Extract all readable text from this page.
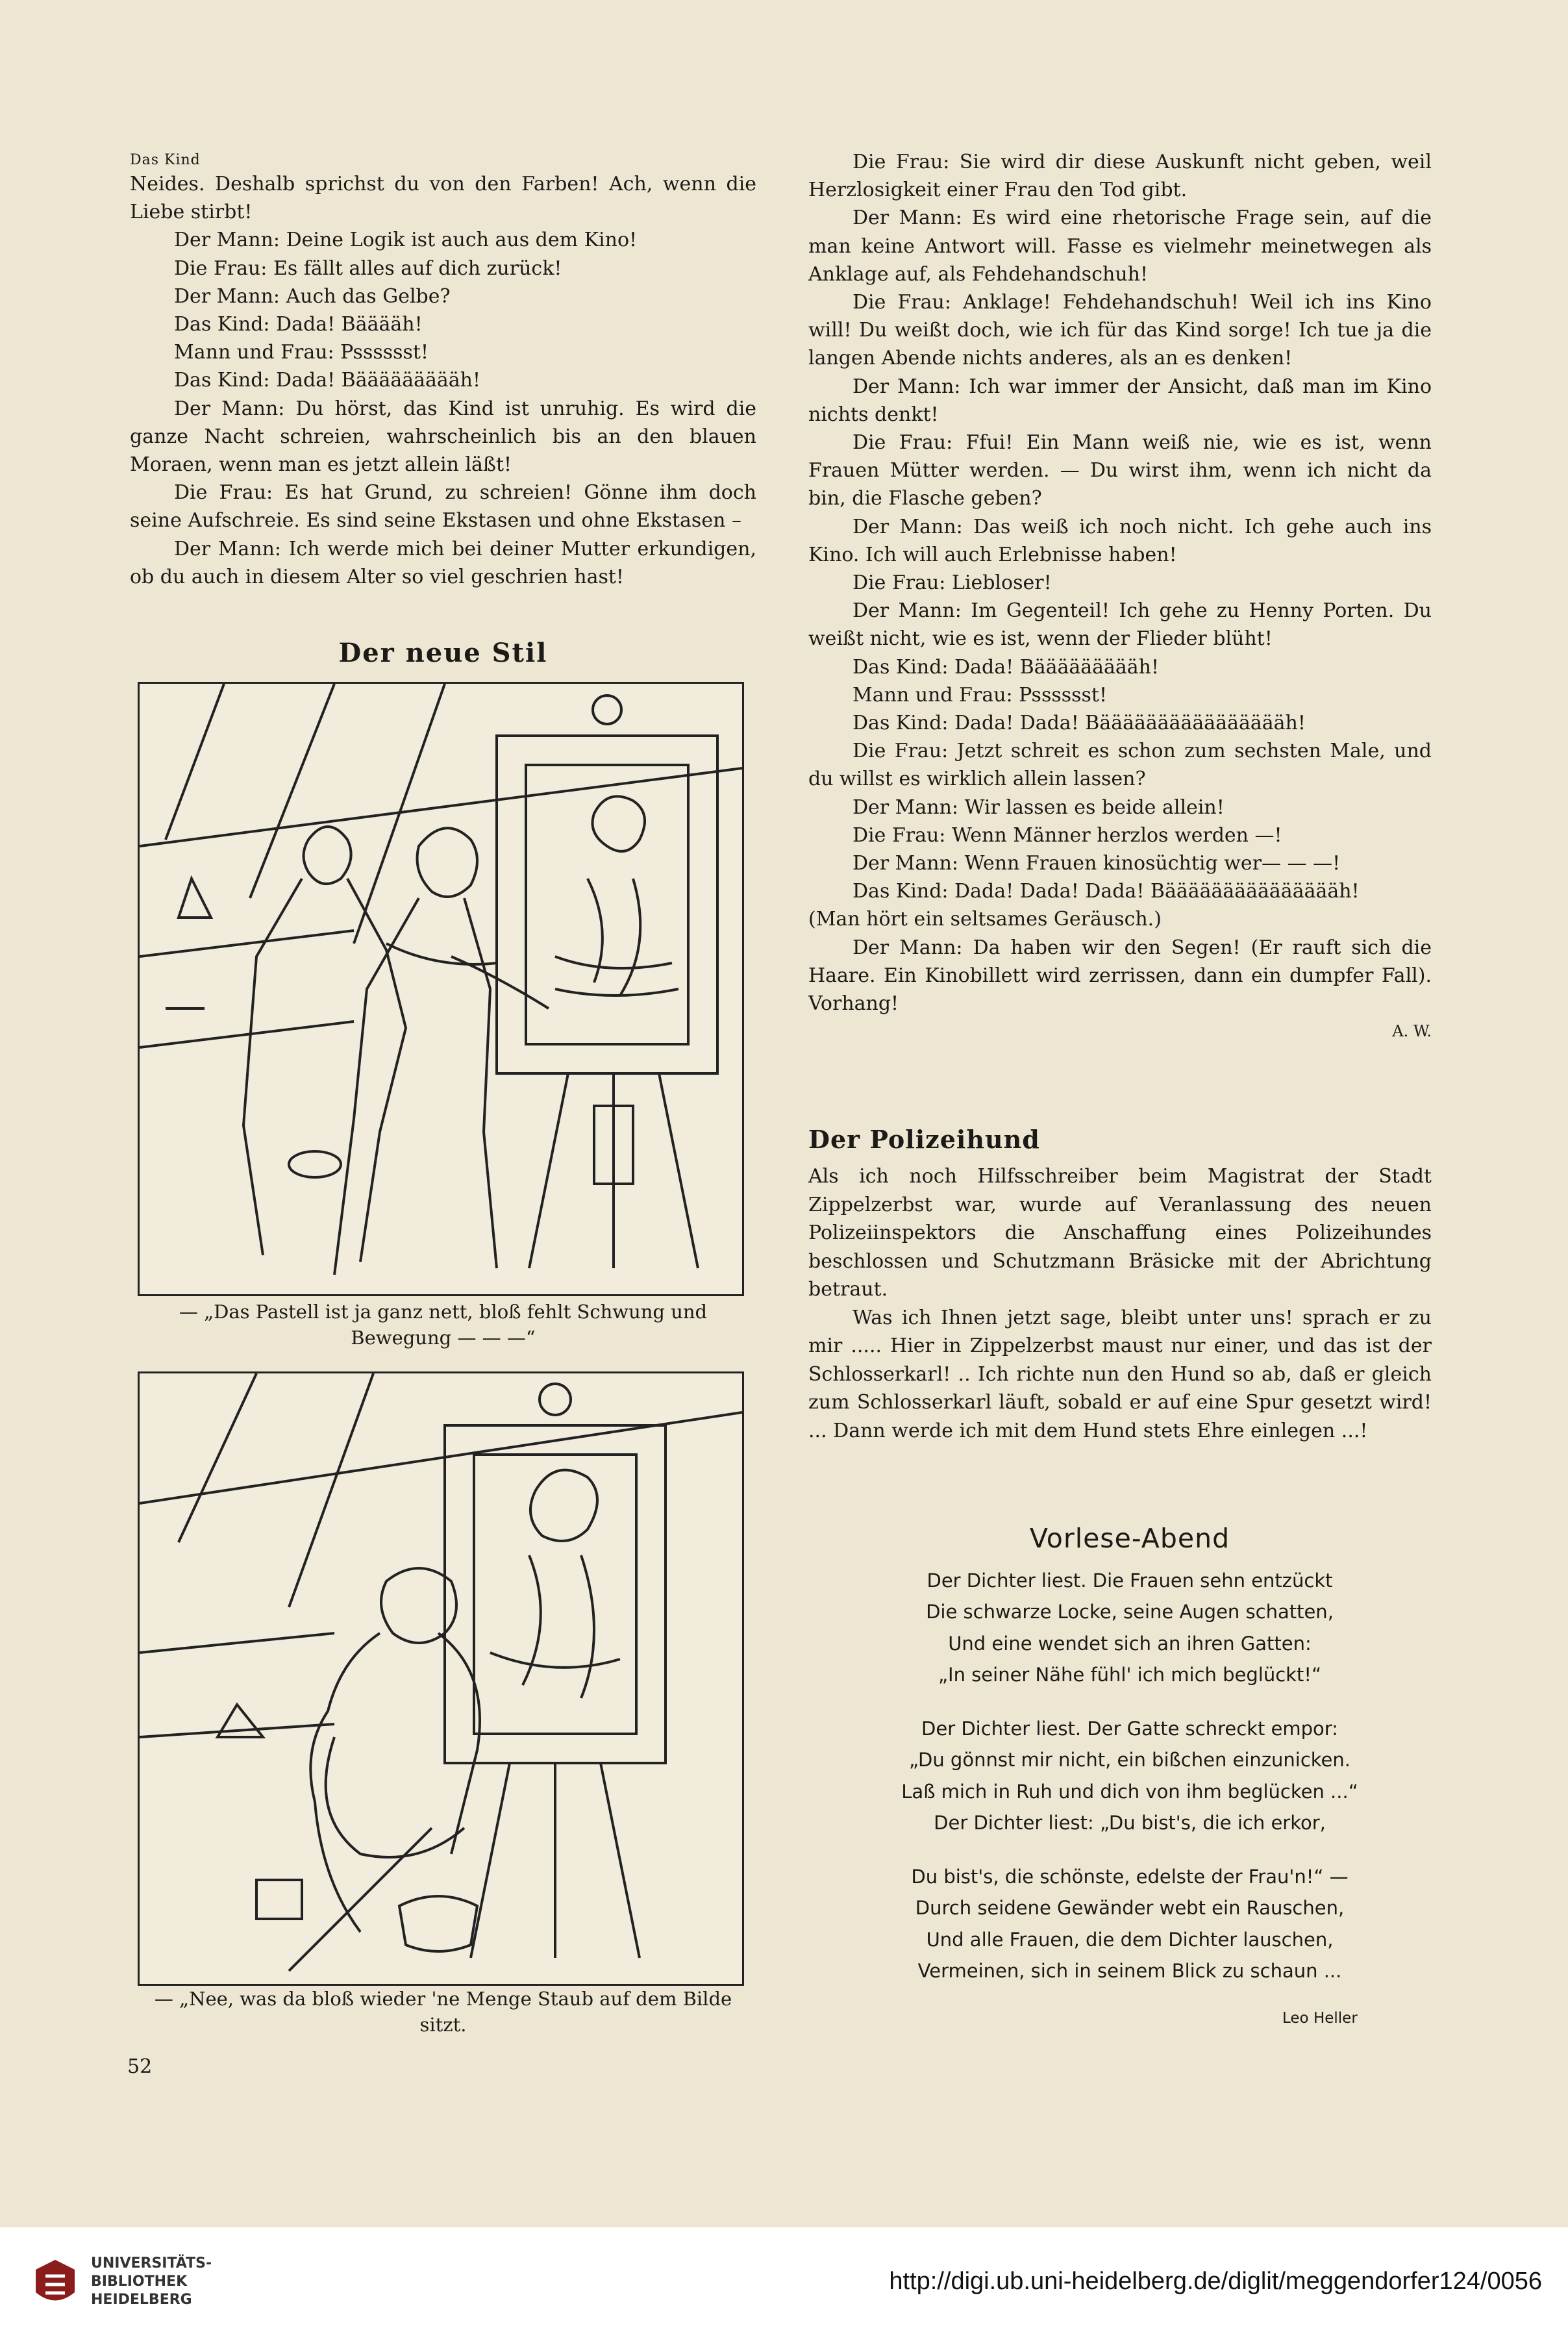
Das Kind

Neides. Deshalb sprichst du von den Farben! Ach, wenn die Liebe stirbt!

Der Mann: Deine Logik ist auch aus dem Kino!

Die Frau: Es fällt alles auf dich zurück!

Der Mann: Auch das Gelbe?

Das Kind: Dada! Bääääh!

Mann und Frau: Psssssst!

Das Kind: Dada! Bäääääääääh!

Der Mann: Du hörst, das Kind ist unruhig. Es wird die ganze Nacht schreien, wahrscheinlich bis an den blauen Moraen, wenn man es jetzt allein läßt!

Die Frau: Es hat Grund, zu schreien! Gönne ihm doch seine Aufschreie. Es sind seine Ekstasen und ohne Ekstasen –

Der Mann: Ich werde mich bei deiner Mutter erkundigen, ob du auch in diesem Alter so viel geschrien hast!

Der neue Stil
— „Das Pastell ist ja ganz nett, bloß fehlt Schwung und Bewegung — — —“
— „Nee, was da bloß wieder 'ne Menge Staub auf dem Bilde sitzt.
52

Die Frau: Sie wird dir diese Auskunft nicht geben, weil Herzlosigkeit einer Frau den Tod gibt.

Der Mann: Es wird eine rhetorische Frage sein, auf die man keine Antwort will. Fasse es vielmehr meinetwegen als Anklage auf, als Fehdehandschuh!

Die Frau: Anklage! Fehdehandschuh! Weil ich ins Kino will! Du weißt doch, wie ich für das Kind sorge! Ich tue ja die langen Abende nichts anderes, als an es denken!

Der Mann: Ich war immer der Ansicht, daß man im Kino nichts denkt!

Die Frau: Ffui! Ein Mann weiß nie, wie es ist, wenn Frauen Mütter werden. — Du wirst ihm, wenn ich nicht da bin, die Flasche geben?

Der Mann: Das weiß ich noch nicht. Ich gehe auch ins Kino. Ich will auch Erlebnisse haben!

Die Frau: Liebloser!

Der Mann: Im Gegenteil! Ich gehe zu Henny Porten. Du weißt nicht, wie es ist, wenn der Flieder blüht!

Das Kind: Dada! Bäääääääääh!

Mann und Frau: Psssssst!

Das Kind: Dada! Dada! Bääääääääääääääääh!

Die Frau: Jetzt schreit es schon zum sechsten Male, und du willst es wirklich allein lassen?

Der Mann: Wir lassen es beide allein!

Die Frau: Wenn Männer herzlos werden —!

Der Mann: Wenn Frauen kinosüchtig wer— — —!

Das Kind: Dada! Dada! Dada! Bäääääääääääääääh!

(Man hört ein seltsames Geräusch.)

Der Mann: Da haben wir den Segen! (Er rauft sich die Haare. Ein Kinobillett wird zerrissen, dann ein dumpfer Fall). Vorhang!

A. W.

Der Polizeihund

Als ich noch Hilfsschreiber beim Magistrat der Stadt Zippelzerbst war, wurde auf Veranlassung des neuen Polizeiinspektors die Anschaffung eines Polizeihundes beschlossen und Schutzmann Bräsicke mit der Abrichtung betraut.

Was ich Ihnen jetzt sage, bleibt unter uns! sprach er zu mir ..... Hier in Zippelzerbst maust nur einer, und das ist der Schlosserkarl! .. Ich richte nun den Hund so ab, daß er gleich zum Schlosserkarl läuft, sobald er auf eine Spur gesetzt wird! ... Dann werde ich mit dem Hund stets Ehre einlegen ...!

Vorlese-Abend
Der Dichter liest. Die Frauen sehn entzückt
Die schwarze Locke, seine Augen schatten,
Und eine wendet sich an ihren Gatten:
„In seiner Nähe fühl' ich mich beglückt!“
Der Dichter liest. Der Gatte schreckt empor:
„Du gönnst mir nicht, ein bißchen einzunicken.
Laß mich in Ruh und dich von ihm beglücken ...“
Der Dichter liest: „Du bist's, die ich erkor,
Du bist's, die schönste, edelste der Frau'n!“ —
Durch seidene Gewänder webt ein Rauschen,
Und alle Frauen, die dem Dichter lauschen,
Vermeinen, sich in seinem Blick zu schaun ...
Leo Heller
UNIVERSITÄTS-
BIBLIOTHEK
HEIDELBERG
http://digi.ub.uni-heidelberg.de/diglit/meggendorfer124/0056
